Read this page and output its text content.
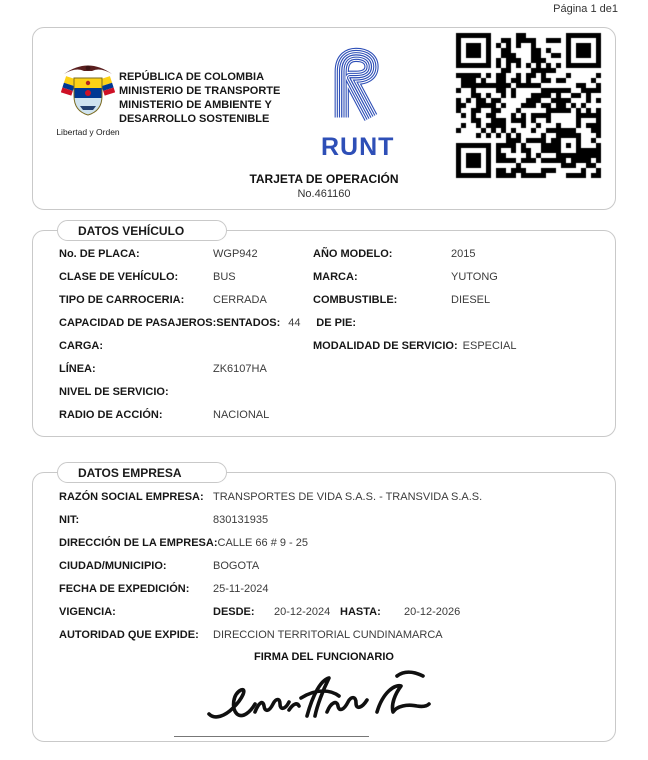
Página 1 de1
Libertad y Orden
REPÚBLICA DE COLOMBIA
MINISTERIO DE TRANSPORTE
MINISTERIO DE AMBIENTE Y
DESARROLLO SOSTENIBLE
RUNT
TARJETA DE OPERACIÓN
No.461160
DATOS VEHÍCULO
No. DE PLACA:	WGP942	AÑO MODELO:	2015
CLASE DE VEHÍCULO:	BUS	MARCA:	YUTONG
TIPO DE CARROCERIA:	CERRADA	COMBUSTIBLE:	DIESEL
CAPACIDAD DE PASAJEROS: SENTADOS: 44	DE PIE:
CARGA:	MODALIDAD DE SERVICIO: ESPECIAL
LÍNEA:	ZK6107HA
NIVEL DE SERVICIO:
RADIO DE ACCIÓN:	NACIONAL
DATOS EMPRESA
RAZÓN SOCIAL EMPRESA: TRANSPORTES DE VIDA S.A.S. - TRANSVIDA S.A.S.
NIT:	830131935
DIRECCIÓN DE LA EMPRESA: CALLE 66 # 9 - 25
CIUDAD/MUNICIPIO:	BOGOTA
FECHA DE EXPEDICIÓN:	25-11-2024
VIGENCIA:	DESDE:	20-12-2024 HASTA:	20-12-2026
AUTORIDAD QUE EXPIDE:	DIRECCION TERRITORIAL CUNDINAMARCA
FIRMA DEL FUNCIONARIO
